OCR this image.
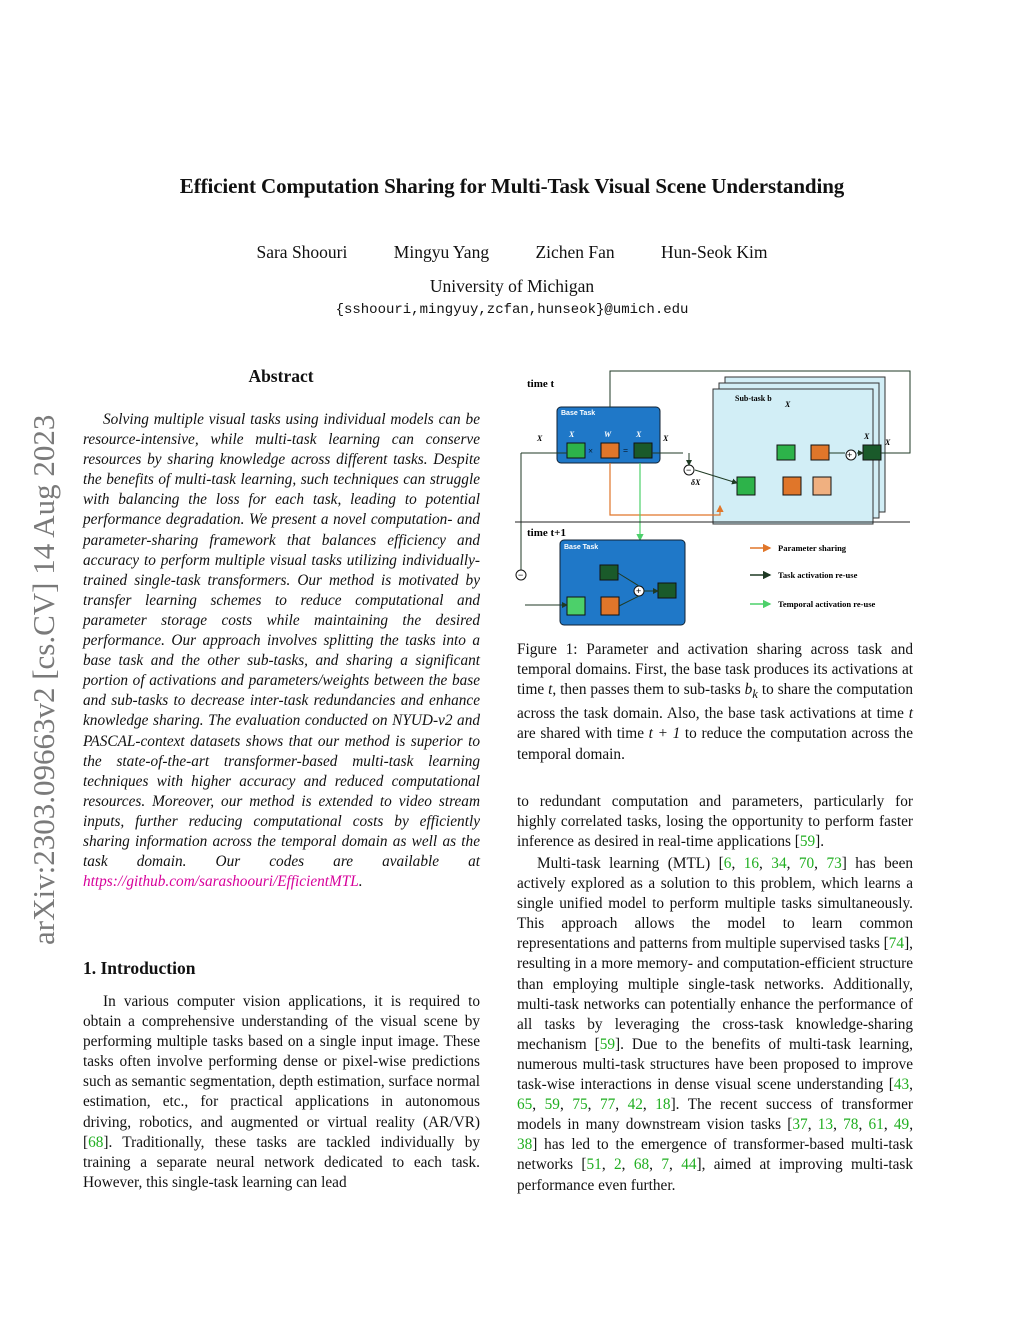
Efficient Computation Sharing for Multi-Task Visual Scene Understanding
Sara Shoouri	Mingyu Yang	Zichen Fan	Hun-Seok Kim
University of Michigan
{sshoouri,mingyuy,zcfan,hunseok}@umich.edu
arXiv:2303.09663v2 [cs.CV] 14 Aug 2023
Abstract

Solving multiple visual tasks using individual models can be resource-intensive, while multi-task learning can conserve resources by sharing knowledge across different tasks. Despite the benefits of multi-task learning, such techniques can struggle with balancing the loss for each task, leading to potential performance degradation. We present a novel computation- and parameter-sharing framework that balances efficiency and accuracy to perform multiple visual tasks utilizing individually-trained single-task transformers. Our method is motivated by transfer learning schemes to reduce computational and parameter storage costs while maintaining the desired performance. Our approach involves splitting the tasks into a base task and the other sub-tasks, and sharing a significant portion of activations and parameters/weights between the base and sub-tasks to decrease inter-task redundancies and enhance knowledge sharing. The evaluation conducted on NYUD-v2 and PASCAL-context datasets shows that our method is superior to the state-of-the-art transformer-based multi-task learning techniques with higher accuracy and reduced computational resources. Moreover, our method is extended to video stream inputs, further reducing computational costs by efficiently sharing information across the temporal domain as well as the task domain. Our codes are available at https://github.com/sarashoouri/EfficientMTL.

1. Introduction

In various computer vision applications, it is required to obtain a comprehensive understanding of the visual scene by performing multiple tasks based on a single input image. These tasks often involve performing dense or pixel-wise predictions such as semantic segmentation, depth estimation, surface normal estimation, etc., for practical applications in autonomous driving, robotics, and augmented or virtual reality (AR/VR) [68]. Traditionally, these tasks are tackled individually by training a separate neural network dedicated to each task. However, this single-task learning can lead

Sub-task b
X
X
X
time t
Base Task
×	=
X	W	X
X	X
+
−
δX
time t+1
Base Task
+
−
Parameter sharing
Task activation re-use
Temporal activation re-use

Figure 1: Parameter and activation sharing across task and temporal domains. First, the base task produces its activations at time t, then passes them to sub-tasks $b_k$ to share the computation across the task domain. Also, the base task activations at time t are shared with time t + 1 to reduce the computation across the temporal domain.

to redundant computation and parameters, particularly for highly correlated tasks, losing the opportunity to perform faster inference as desired in real-time applications [59].

Multi-task learning (MTL) [6, 16, 34, 70, 73] has been actively explored as a solution to this problem, which learns a single unified model to perform multiple tasks simultaneously. This approach allows the model to learn common representations and patterns from multiple supervised tasks [74], resulting in a more memory- and computation-efficient structure than employing multiple single-task networks. Additionally, multi-task networks can potentially enhance the performance of all tasks by leveraging the cross-task knowledge-sharing mechanism [59]. Due to the benefits of multi-task learning, numerous multi-task structures have been proposed to improve task-wise interactions in dense visual scene understanding [43, 65, 59, 75, 77, 42, 18]. The recent success of transformer models in many downstream vision tasks [37, 13, 78, 61, 49, 38] has led to the emergence of transformer-based multi-task networks [51, 2, 68, 7, 44], aimed at improving multi-task performance even further.
